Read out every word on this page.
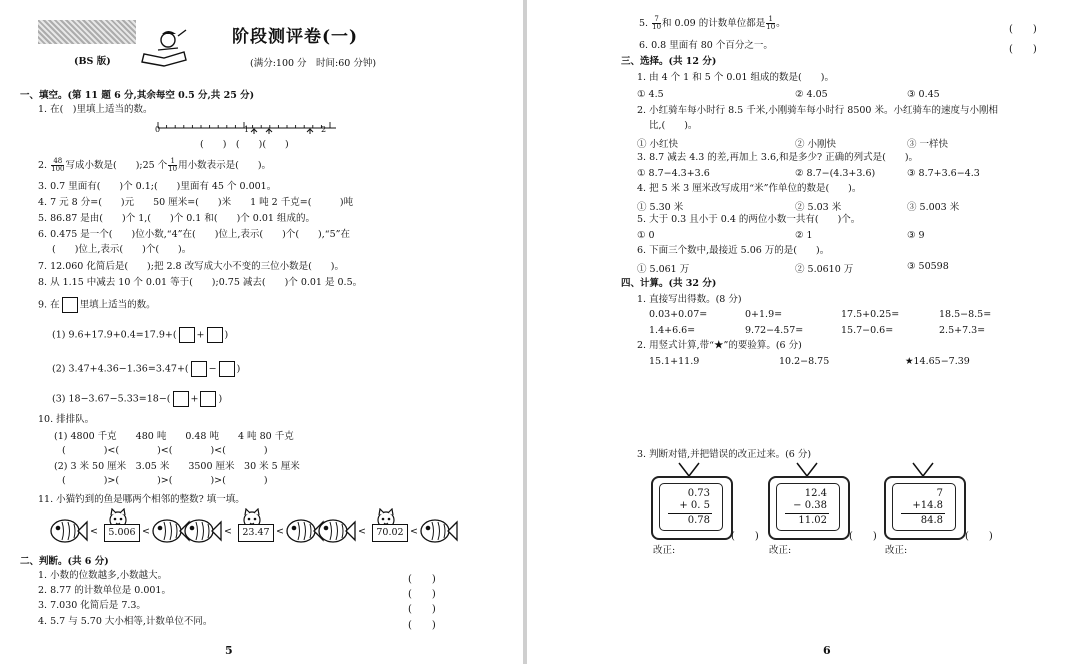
(BS 版)
阶段测评卷(一)
(满分:100 分　时间:60 分钟)
一、填空。(第 11 题 6 分,其余每空 0.5 分,共 25 分)
1. 在(　)里填上适当的数。
0	1	2
(　　)　(　　)(　　)
2. $\frac{48}{100}$ 写成小数是(　　);25 个 $\frac{1}{10}$ 用小数表示是(　　)。
3. 0.7 里面有(　　)个 0.1;(　　)里面有 45 个 0.001。
4. 7 元 8 分=(　　)元　　50 厘米=(　　)米　　1 吨 2 千克=(　　　)吨
5. 86.87 是由(　　)个 1,(　　)个 0.1 和(　　)个 0.01 组成的。
6. 0.475 是一个(　　)位小数,“4”在(　　)位上,表示(　　)个(　　),“5”在
(　　)位上,表示(　　)个(　　)。
7. 12.060 化简后是(　　);把 2.8 改写成大小不变的三位小数是(　　)。
8. 从 1.15 中减去 10 个 0.01 等于(　　);0.75 减去(　　)个 0.01 是 0.5。
9. 在 里填上适当的数。
(1) 9.6+17.9+0.4=17.9+( + )
(2) 3.47+4.36−1.36=3.47+( − )
(3) 18−3.67−5.33=18−( + )
10. 排排队。
(1) 4800 千克　　480 吨　　0.48 吨　　4 吨 80 千克
(　　　　)<(　　　　)<(　　　　)<(　　　　)
(2) 3 米 50 厘米　3.05 米　　3500 厘米　30 米 5 厘米
(　　　　)>(　　　　)>(　　　　)>(　　　　)
11. 小猫钓到的鱼是哪两个相邻的整数? 填一填。
<	5.006 <	<	23.47 <	<	70.02 <
二、判断。(共 6 分)
1. 小数的位数越多,小数越大。	(　　)
2. 8.77 的计数单位是 0.001。	(　　)
3. 7.030 化简后是 7.3。	(　　)
4. 5.7 与 5.70 大小相等,计数单位不同。	(　　)
5
5. $\frac{7}{10}$ 和 0.09 的计数单位都是 $\frac{1}{10}$ 。
(　　)
6. 0.8 里面有 80 个百分之一。	(　　)
三、选择。(共 12 分)
1. 由 4 个 1 和 5 个 0.01 组成的数是(　　)。
① 4.5	② 4.05	③ 0.45
2. 小红骑车每小时行 8.5 千米,小刚骑车每小时行 8500 米。小红骑车的速度与小刚相
比,(　　)。
① 小红快	② 小刚快	③ 一样快
3. 8.7 减去 4.3 的差,再加上 3.6,和是多少? 正确的列式是(　　)。
① 8.7−4.3+3.6	② 8.7−(4.3+3.6)	③ 8.7+3.6−4.3
4. 把 5 米 3 厘米改写成用“米”作单位的数是(　　)。
① 5.30 米	② 5.03 米	③ 5.003 米
5. 大于 0.3 且小于 0.4 的两位小数一共有(　　)个。
① 0	② 1	③ 9
6. 下面三个数中,最接近 5.06 万的是(　　)。
① 5.061 万	② 5.0610 万	③ 50598
四、计算。(共 32 分)
1. 直接写出得数。(8 分)
0.03+0.07=	0+1.9=	17.5+0.25=	18.5−8.5=
1.4+6.6=	9.72−4.57=	15.7−0.6=	2.5+7.3=
2. 用竖式计算,带“★”的要验算。(6 分)
15.1+11.9	10.2−8.75	★14.65−7.39
3. 判断对错,并把错误的改正过来。(6 分)
0.73
+ 0. 5
0.78
(　　)
改正:
12.4
− 0.38
11.02
(　　)
改正:
7
+14.8
84.8
(　　)
改正:
6
